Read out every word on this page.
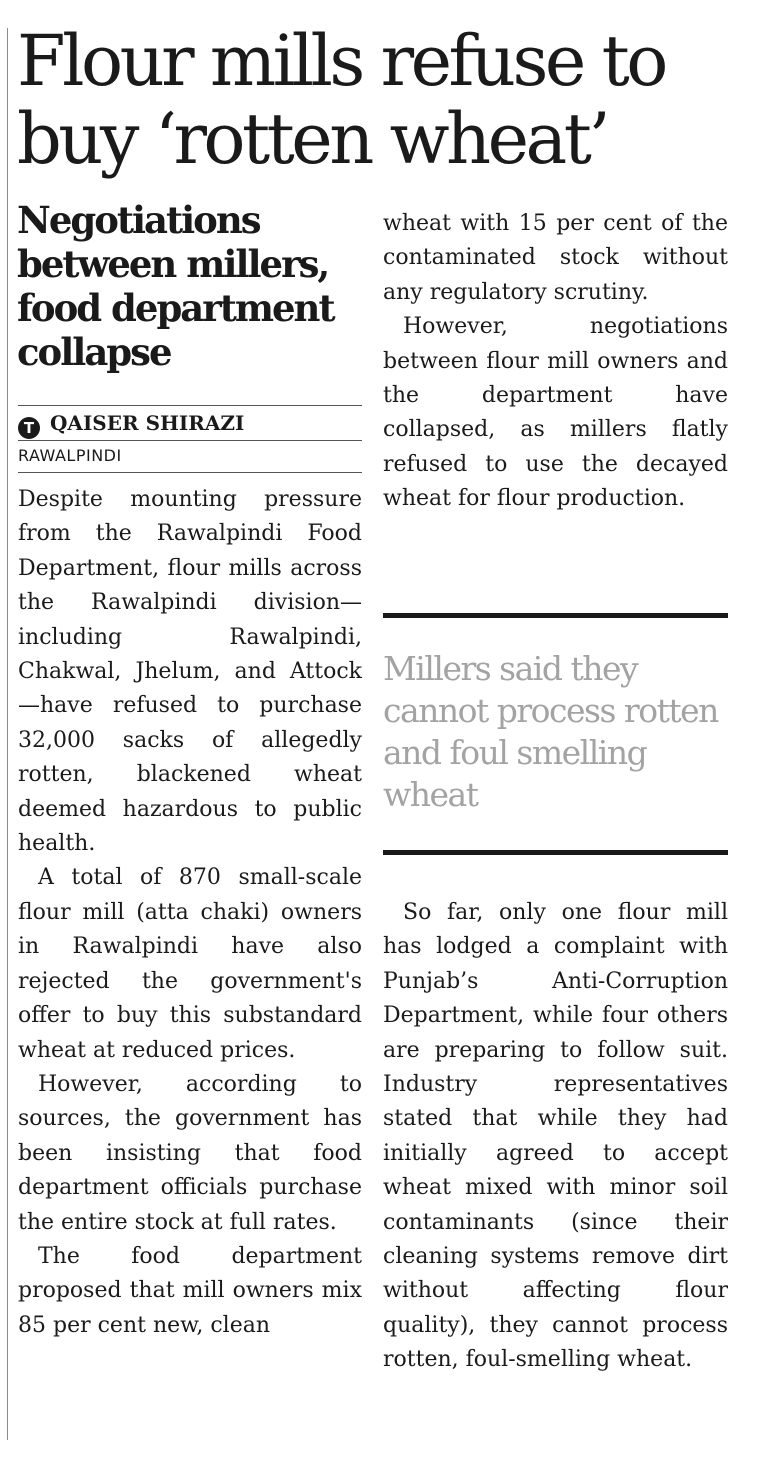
Flour mills refuse to buy ‘rotten wheat’
Negotiations between millers, food department collapse
T QAISER SHIRAZI
RAWALPINDI

Despite mounting pressure from the Rawalpindi Food Department, flour mills across the Rawalpindi division—including Rawalpindi, Chakwal, Jhelum, and Attock—have refused to purchase 32,000 sacks of allegedly rotten, blackened wheat deemed hazardous to public health.

A total of 870 small-scale flour mill (atta chaki) owners in Rawalpindi have also rejected the government's offer to buy this substandard wheat at reduced prices.

However, according to sources, the government has been insisting that food department officials purchase the entire stock at full rates.

The food department proposed that mill owners mix 85 per cent new, clean

wheat with 15 per cent of the contaminated stock without any regulatory scrutiny.

However, negotiations between flour mill owners and the department have collapsed, as millers flatly refused to use the decayed wheat for flour production.

Millers said they cannot process rotten and foul smelling wheat

So far, only one flour mill has lodged a complaint with Punjab’s Anti-Corruption Department, while four others are preparing to follow suit. Industry representatives stated that while they had initially agreed to accept wheat mixed with minor soil contaminants (since their cleaning systems remove dirt without affecting flour quality), they cannot process rotten, foul-smelling wheat.
